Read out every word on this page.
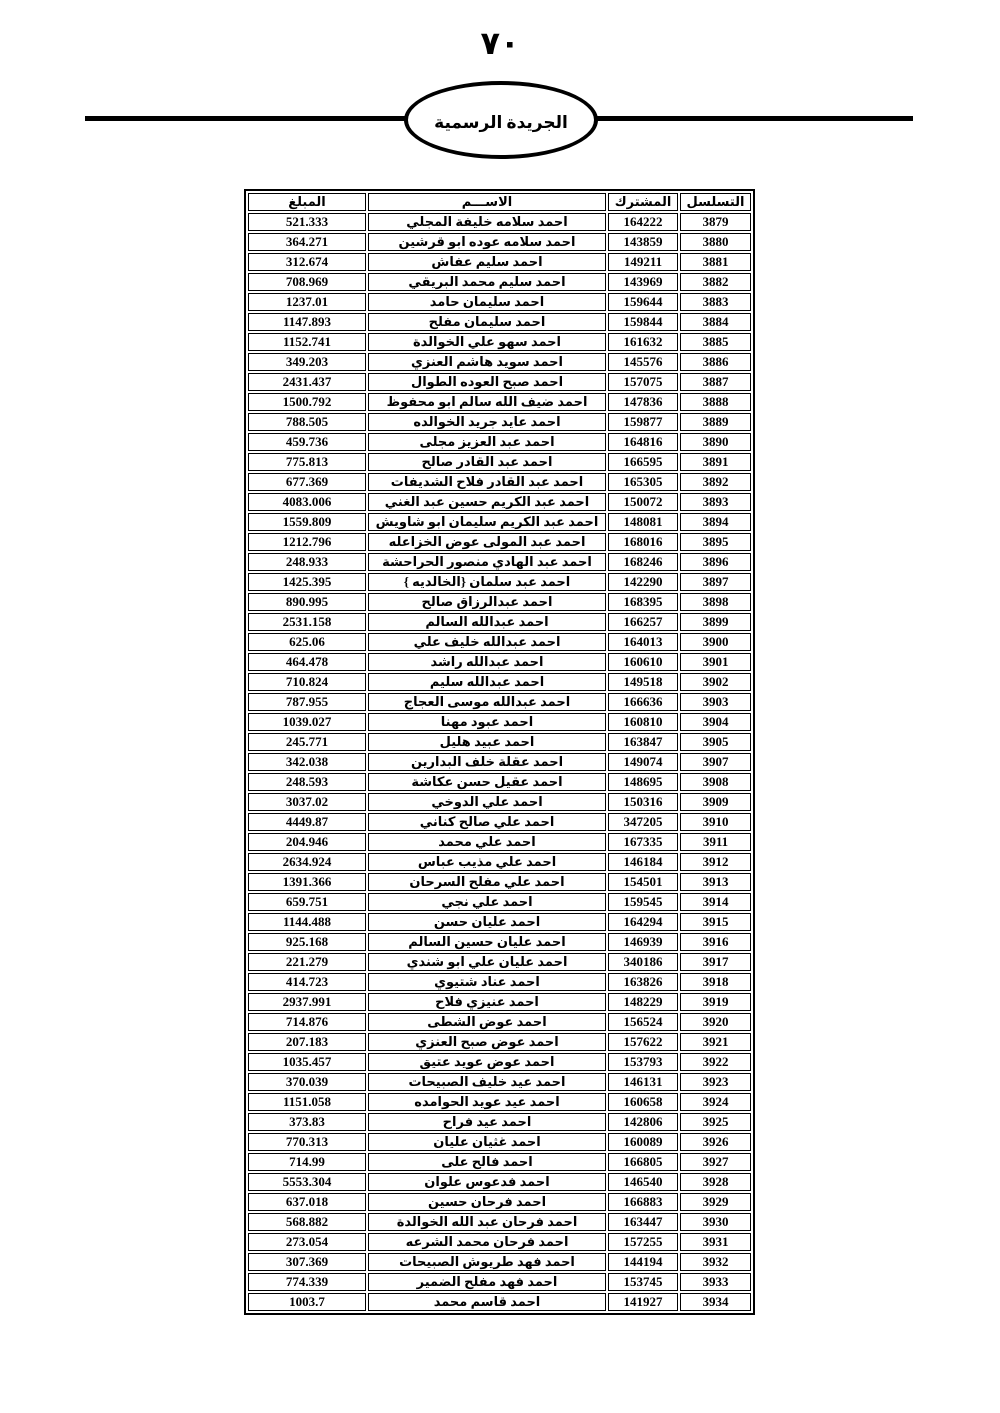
٧٠
الجريدة الرسمية
التسلسل	المشترك	الاســـم	المبلغ
3879	164222	احمد سلامه خليفة المجلي	521.333
3880	143859	احمد سلامه عوده ابو قرشين	364.271
3881	149211	احمد سليم عفاش	312.674
3882	143969	احمد سليم محمد البريقي	708.969
3883	159644	احمد سليمان حامد	1237.01
3884	159844	احمد سليمان مفلح	1147.893
3885	161632	احمد سهو علي الخوالدة	1152.741
3886	145576	احمد سويد هاشم العنزي	349.203
3887	157075	احمد صبح العوده الطوال	2431.437
3888	147836	احمد ضيف الله سالم ابو محفوظ	1500.792
3889	159877	احمد عايد جريد الخوالده	788.505
3890	164816	احمد عبد العزيز مجلى	459.736
3891	166595	احمد عبد القادر صالح	775.813
3892	165305	احمد عبد القادر فلاح الشديفات	677.369
3893	150072	احمد عبد الكريم حسين عبد الغني	4083.006
3894	148081	احمد عبد الكريم سليمان ابو شاويش	1559.809
3895	168016	احمد عبد المولى عوض الخزاعله	1212.796
3896	168246	احمد عبد الهادي منصور الحراحشة	248.933
3897	142290	احمد عبد سلمان {الخالديه }	1425.395
3898	168395	احمد عبدالرزاق صالح	890.995
3899	166257	احمد عبدالله السالم	2531.158
3900	164013	احمد عبدالله خليف علي	625.06
3901	160610	احمد عبدالله راشد	464.478
3902	149518	احمد عبدالله سليم	710.824
3903	166636	احمد عبدالله موسى العجاج	787.955
3904	160810	احمد عبود مهنا	1039.027
3905	163847	احمد عبيد هليل	245.771
3907	149074	احمد عقلة خلف البدارين	342.038
3908	148695	احمد عقيل حسن عكاشة	248.593
3909	150316	احمد علي الدوخي	3037.02
3910	347205	احمد علي صالح كناني	4449.87
3911	167335	احمد علي محمد	204.946
3912	146184	احمد علي مذيب عباس	2634.924
3913	154501	احمد علي مفلح السرحان	1391.366
3914	159545	احمد علي نجي	659.751
3915	164294	احمد عليان حسن	1144.488
3916	146939	احمد عليان حسين السالم	925.168
3917	340186	احمد عليان علي ابو شندي	221.279
3918	163826	احمد عناد شتيوي	414.723
3919	148229	احمد عنيزي فلاح	2937.991
3920	156524	احمد عوض الشطى	714.876
3921	157622	احمد عوض صبح العنزي	207.183
3922	153793	احمد عوض عويد عتيق	1035.457
3923	146131	احمد عيد خليف الصبيحات	370.039
3924	160658	احمد عيد عويد الحوامده	1151.058
3925	142806	احمد عيد فراح	373.83
3926	160089	احمد غثيان عليان	770.313
3927	166805	احمد فالح على	714.99
3928	146540	احمد فدعوس علوان	5553.304
3929	166883	احمد فرحان حسين	637.018
3930	163447	احمد فرحان عبد الله الخوالدة	568.882
3931	157255	احمد فرحان محمد الشرعه	273.054
3932	144194	احمد فهد طريوش الصبيحات	307.369
3933	153745	احمد فهد مفلح الضمير	774.339
3934	141927	احمد قاسم محمد	1003.7
